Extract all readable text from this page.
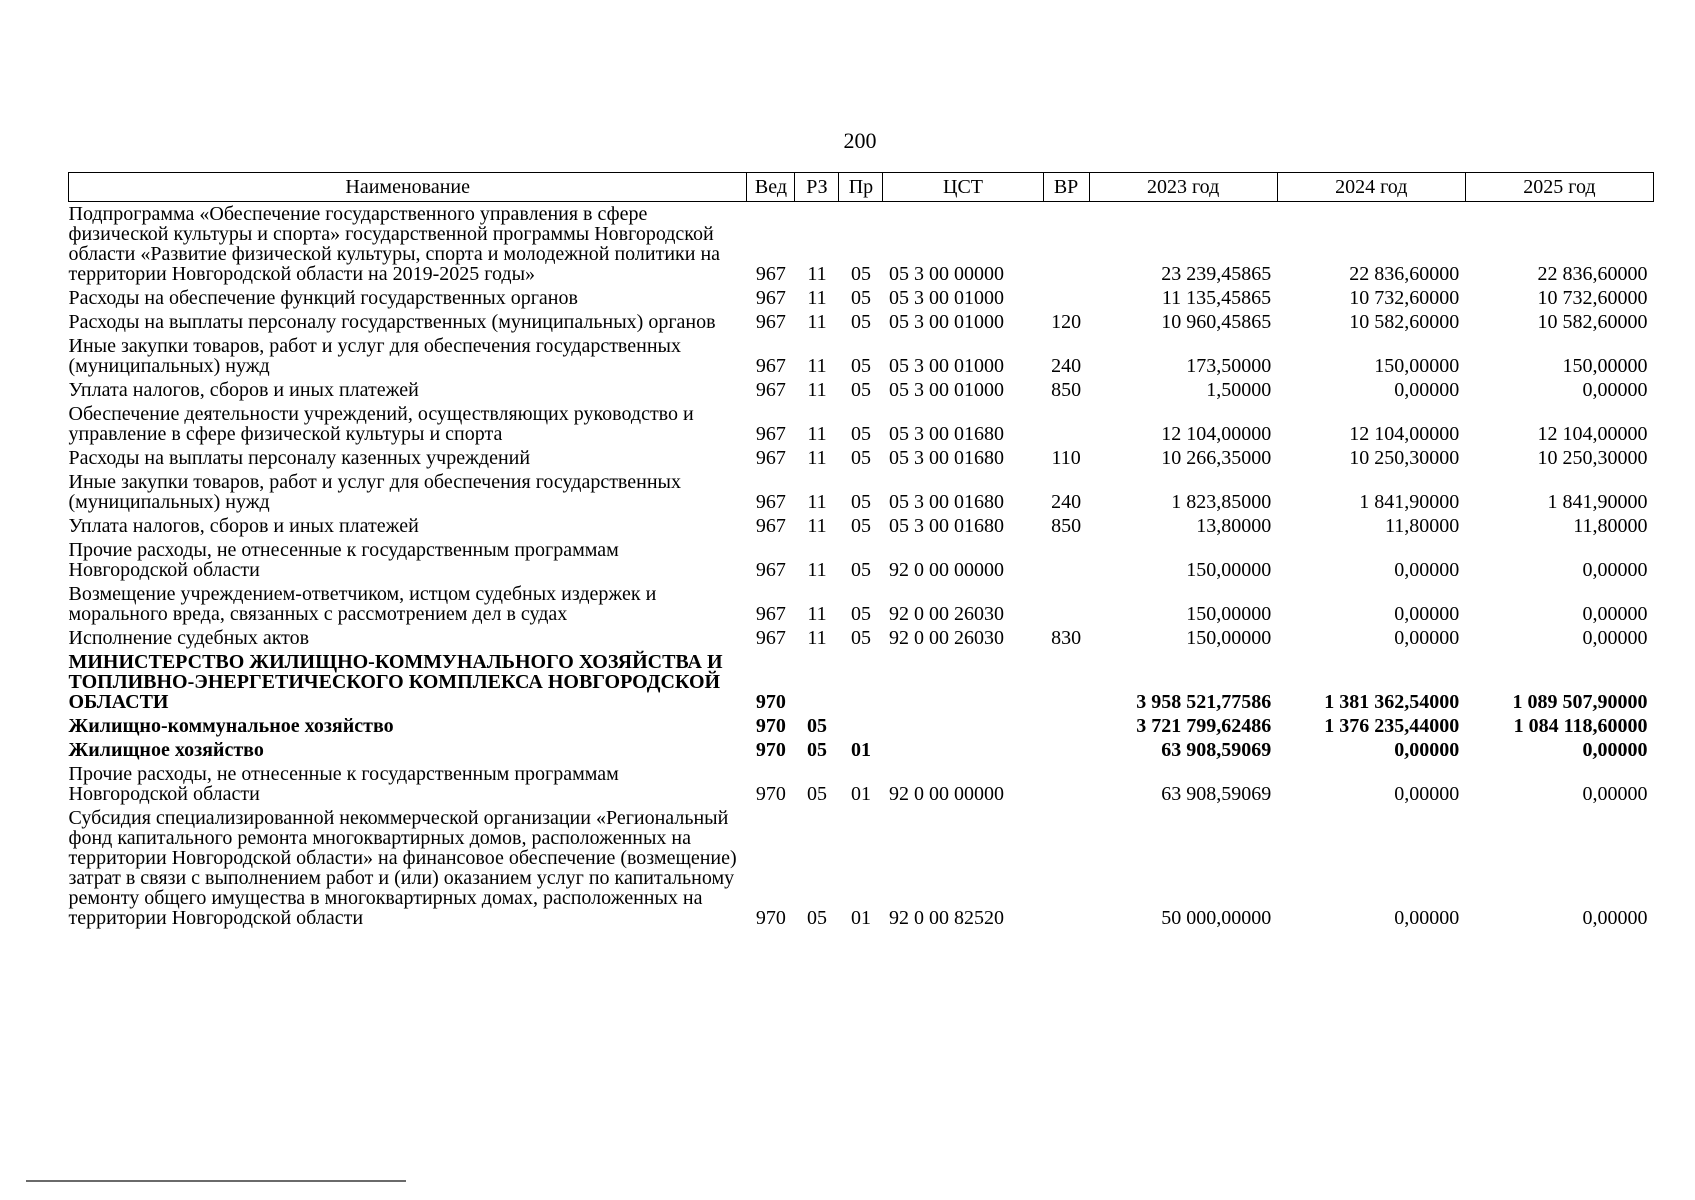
200
Наименование	Вед	РЗ	Пр	ЦСТ	ВР	2023 год	2024 год	2025 год
Подпрограмма «Обеспечение государственного управления в сфере физической культуры и спорта» государственной программы Новгородской области «Развитие физической культуры, спорта и молодежной политики на территории Новгородской области на 2019-2025 годы»	967	11	05	05 3 00 00000		23 239,45865	22 836,60000	22 836,60000
Расходы на обеспечение функций государственных органов	967	11	05	05 3 00 01000		11 135,45865	10 732,60000	10 732,60000
Расходы на выплаты персоналу государственных (муниципальных) органов	967	11	05	05 3 00 01000	120	10 960,45865	10 582,60000	10 582,60000
Иные закупки товаров, работ и услуг для обеспечения государственных (муниципальных) нужд	967	11	05	05 3 00 01000	240	173,50000	150,00000	150,00000
Уплата налогов, сборов и иных платежей	967	11	05	05 3 00 01000	850	1,50000	0,00000	0,00000
Обеспечение деятельности учреждений, осуществляющих руководство и управление в сфере физической культуры и спорта	967	11	05	05 3 00 01680		12 104,00000	12 104,00000	12 104,00000
Расходы на выплаты персоналу казенных учреждений	967	11	05	05 3 00 01680	110	10 266,35000	10 250,30000	10 250,30000
Иные закупки товаров, работ и услуг для обеспечения государственных (муниципальных) нужд	967	11	05	05 3 00 01680	240	1 823,85000	1 841,90000	1 841,90000
Уплата налогов, сборов и иных платежей	967	11	05	05 3 00 01680	850	13,80000	11,80000	11,80000
Прочие расходы, не отнесенные к государственным программам Новгородской области	967	11	05	92 0 00 00000		150,00000	0,00000	0,00000
Возмещение учреждением-ответчиком, истцом судебных издержек и морального вреда, связанных с рассмотрением дел в судах	967	11	05	92 0 00 26030		150,00000	0,00000	0,00000
Исполнение судебных актов	967	11	05	92 0 00 26030	830	150,00000	0,00000	0,00000
МИНИСТЕРСТВО ЖИЛИЩНО-КОММУНАЛЬНОГО ХОЗЯЙСТВА И ТОПЛИВНО-ЭНЕРГЕТИЧЕСКОГО КОМПЛЕКСА НОВГОРОДСКОЙ ОБЛАСТИ	970					3 958 521,77586	1 381 362,54000	1 089 507,90000
Жилищно-коммунальное хозяйство	970	05				3 721 799,62486	1 376 235,44000	1 084 118,60000
Жилищное хозяйство	970	05	01			63 908,59069	0,00000	0,00000
Прочие расходы, не отнесенные к государственным программам Новгородской области	970	05	01	92 0 00 00000		63 908,59069	0,00000	0,00000
Субсидия специализированной некоммерческой организации «Региональный фонд капитального ремонта многоквартирных домов, расположенных на территории Новгородской области» на финансовое обеспечение (возмещение) затрат в связи с выполнением работ и (или) оказанием услуг по капитальному ремонту общего имущества в многоквартирных домах, расположенных на территории Новгородской области	970	05	01	92 0 00 82520		50 000,00000	0,00000	0,00000
